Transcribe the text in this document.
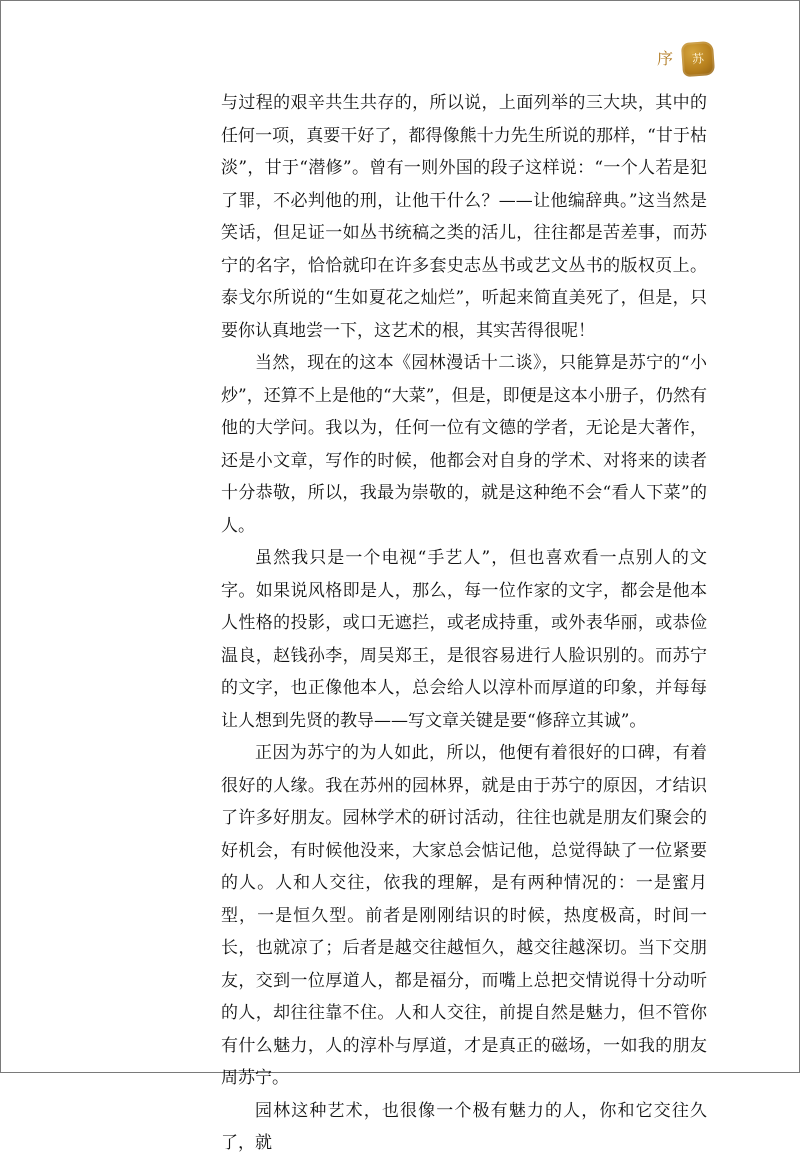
序	苏

与过程的艰辛共生共存的，所以说，上面列举的三大块，其中的任何一项，真要干好了，都得像熊十力先生所说的那样，“甘于枯淡”，甘于“潜修”。曾有一则外国的段子这样说：“一个人若是犯了罪，不必判他的刑，让他干什么？——让他编辞典。”这当然是笑话，但足证一如丛书统稿之类的活儿，往往都是苦差事，而苏宁的名字，恰恰就印在许多套史志丛书或艺文丛书的版权页上。泰戈尔所说的“生如夏花之灿烂”，听起来简直美死了，但是，只要你认真地尝一下，这艺术的根，其实苦得很呢！

当然，现在的这本《园林漫话十二谈》，只能算是苏宁的“小炒”，还算不上是他的“大菜”，但是，即便是这本小册子，仍然有他的大学问。我以为，任何一位有文德的学者，无论是大著作，还是小文章，写作的时候，他都会对自身的学术、对将来的读者十分恭敬，所以，我最为崇敬的，就是这种绝不会“看人下菜”的人。

虽然我只是一个电视“手艺人”，但也喜欢看一点别人的文字。如果说风格即是人，那么，每一位作家的文字，都会是他本人性格的投影，或口无遮拦，或老成持重，或外表华丽，或恭俭温良，赵钱孙李，周吴郑王，是很容易进行人脸识别的。而苏宁的文字，也正像他本人，总会给人以淳朴而厚道的印象，并每每让人想到先贤的教导——写文章关键是要“修辞立其诚”。

正因为苏宁的为人如此，所以，他便有着很好的口碑，有着很好的人缘。我在苏州的园林界，就是由于苏宁的原因，才结识了许多好朋友。园林学术的研讨活动，往往也就是朋友们聚会的好机会，有时候他没来，大家总会惦记他，总觉得缺了一位紧要的人。人和人交往，依我的理解，是有两种情况的：一是蜜月型，一是恒久型。前者是刚刚结识的时候，热度极高，时间一长，也就凉了；后者是越交往越恒久，越交往越深切。当下交朋友，交到一位厚道人，都是福分，而嘴上总把交情说得十分动听的人，却往往靠不住。人和人交往，前提自然是魅力，但不管你有什么魅力，人的淳朴与厚道，才是真正的磁场，一如我的朋友周苏宁。

园林这种艺术，也很像一个极有魅力的人，你和它交往久了，就
